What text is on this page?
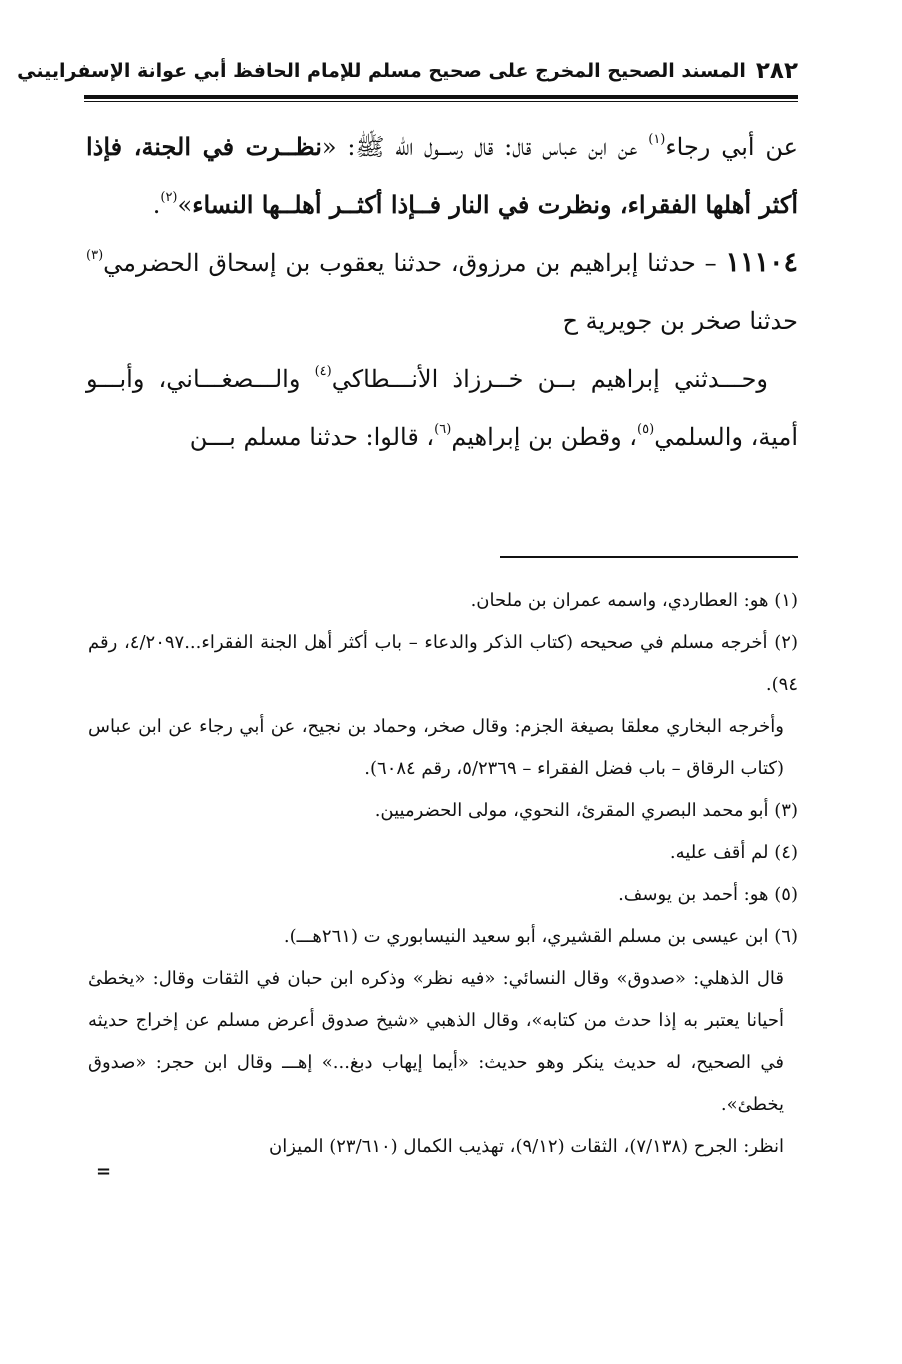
٢٨٢
المسند الصحيح المخرج على صحيح مسلم للإمام الحافظ أبي عوانة الإسفراييني

عن أبي رجاء$^{(١)}$ عن ابن عباس قال: قال رســـول الله ﷺ: «نظــرت في الجنة، فإذا أكثر أهلها الفقراء، ونظرت في النار فــإذا أكثــر أهلــها النساء»$^{(٢)}$.

١١١٠٤ – حدثنا إبراهيم بن مرزوق، حدثنا يعقوب بن إسحاق الحضرمي$^{(٣)}$ حدثنا صخر بن جويرية ح

وحـــدثني إبراهيم بــن خــرزاذ الأنـــطاكي$^{(٤)}$ والـــصغـــاني، وأبـــو أمية، والسلمي$^{(٥)}$، وقطن بن إبراهيم$^{(٦)}$، قالوا: حدثنا مسلم بـــن

(١) هو: العطاردي، واسمه عمران بن ملحان.

(٢) أخرجه مسلم في صحيحه (كتاب الذكر والدعاء – باب أكثر أهل الجنة الفقراء...٤/٢٠٩٧، رقم ٩٤).

وأخرجه البخاري معلقا بصيغة الجزم: وقال صخر، وحماد بن نجيح، عن أبي رجاء عن ابن عباس (كتاب الرقاق – باب فضل الفقراء – ٥/٢٣٦٩، رقم ٦٠٨٤).

(٣) أبو محمد البصري المقرئ، النحوي، مولى الحضرميين.

(٤) لم أقف عليه.

(٥) هو: أحمد بن يوسف.

(٦) ابن عيسى بن مسلم القشيري، أبو سعيد النيسابوري ت (٢٦١هـــ).

قال الذهلي: «صدوق» وقال النسائي: «فيه نظر» وذكره ابن حبان في الثقات وقال: «يخطئ أحيانا يعتبر به إذا حدث من كتابه»، وقال الذهبي «شيخ صدوق أعرض مسلم عن إخراج حديثه في الصحيح، له حديث ينكر وهو حديث: «أيما إيهاب دبغ...» إهـــ وقال ابن حجر: «صدوق يخطئ».

انظر: الجرح (٧/١٣٨)، الثقات (٩/١٢)، تهذيب الكمال (٢٣/٦١٠) الميزان

=
